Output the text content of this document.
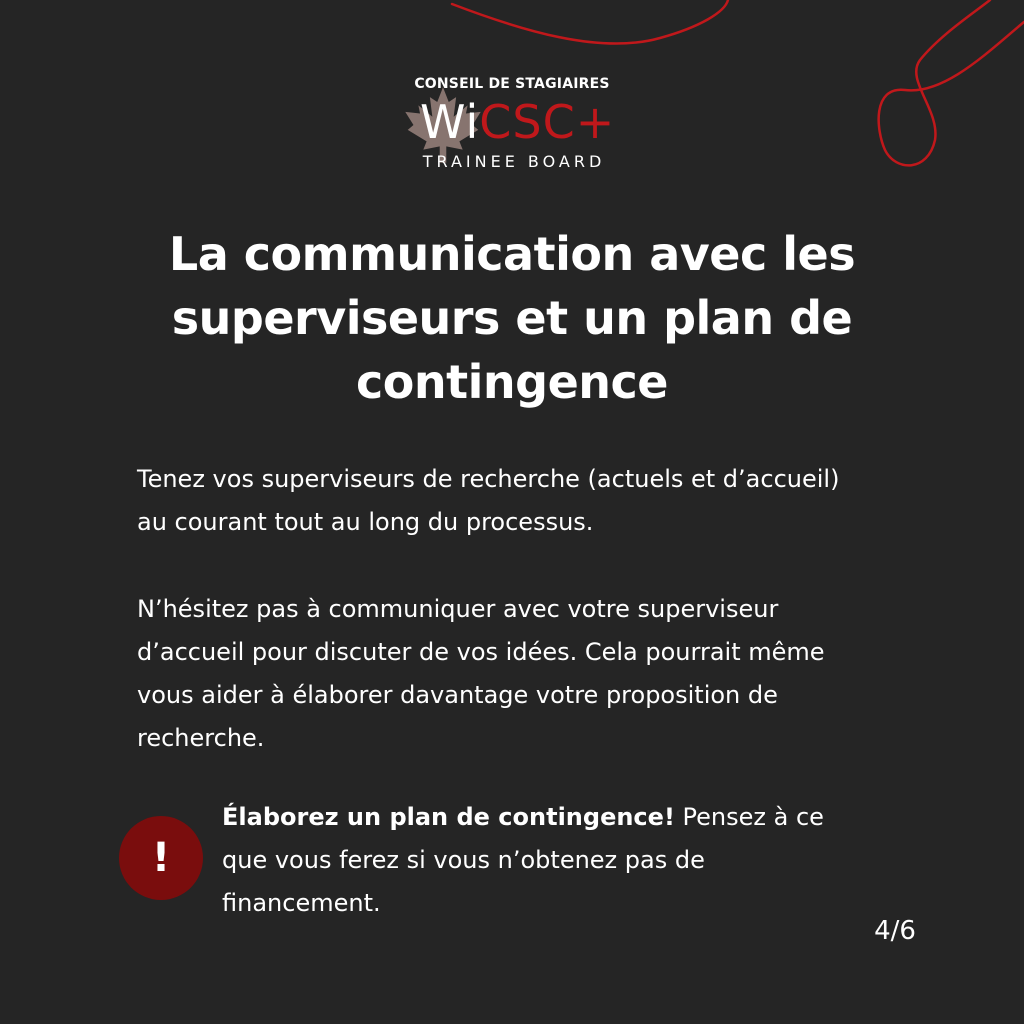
CONSEIL DE STAGIAIRES
WiCSC+
TRAINEE BOARD
La communication avec les superviseurs et un plan de contingence

Tenez vos superviseurs de recherche (actuels et d’accueil) au courant tout au long du processus.

N’hésitez pas à communiquer avec votre superviseur d’accueil pour discuter de vos idées. Cela pourrait même vous aider à élaborer davantage votre proposition de recherche.

!

Élaborez un plan de contingence! Pensez à ce que vous ferez si vous n’obtenez pas de financement.

4/6
